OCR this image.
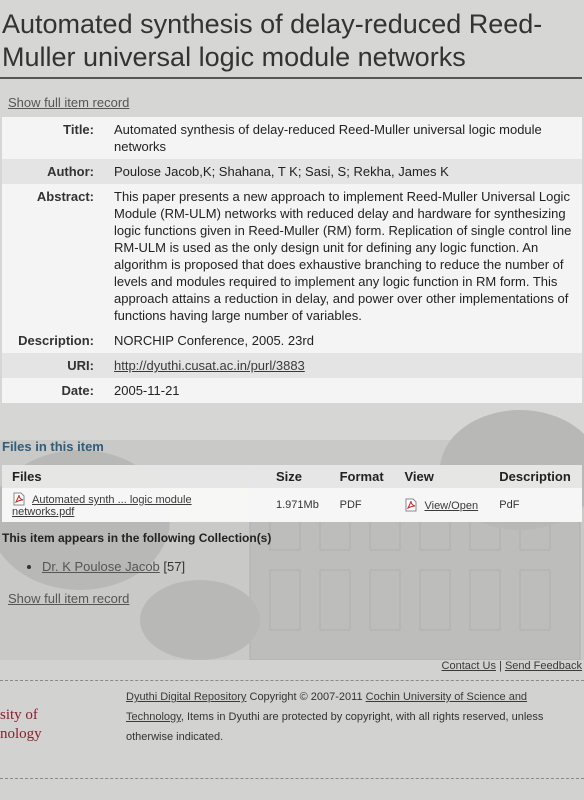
Automated synthesis of delay-reduced Reed-Muller universal logic module networks
Show full item record
Title:	Automated synthesis of delay-reduced Reed-Muller universal logic module networks
Author:	Poulose Jacob,K; Shahana, T K; Sasi, S; Rekha, James K
Abstract:	This paper presents a new approach to implement Reed-Muller Universal Logic Module (RM-ULM) networks with reduced delay and hardware for synthesizing logic functions given in Reed-Muller (RM) form. Replication of single control line RM-ULM is used as the only design unit for defining any logic function. An algorithm is proposed that does exhaustive branching to reduce the number of levels and modules required to implement any logic function in RM form. This approach attains a reduction in delay, and power over other implementations of functions having large number of variables.
Description:	NORCHIP Conference, 2005. 23rd
URI:	http://dyuthi.cusat.ac.in/purl/3883
Date:	2005-11-21
Files in this item
Files	Size	Format	View	Description
Automated synth ... logic module networks.pdf	1.971Mb	PDF	View/Open	PdF
This item appears in the following Collection(s)
• Dr. K Poulose Jacob [57]
Show full item record
Contact Us | Send Feedback
sity of
nology
Dyuthi Digital Repository Copyright © 2007-2011 Cochin University of Science and Technology, Items in Dyuthi are protected by copyright, with all rights reserved, unless otherwise indicated.
